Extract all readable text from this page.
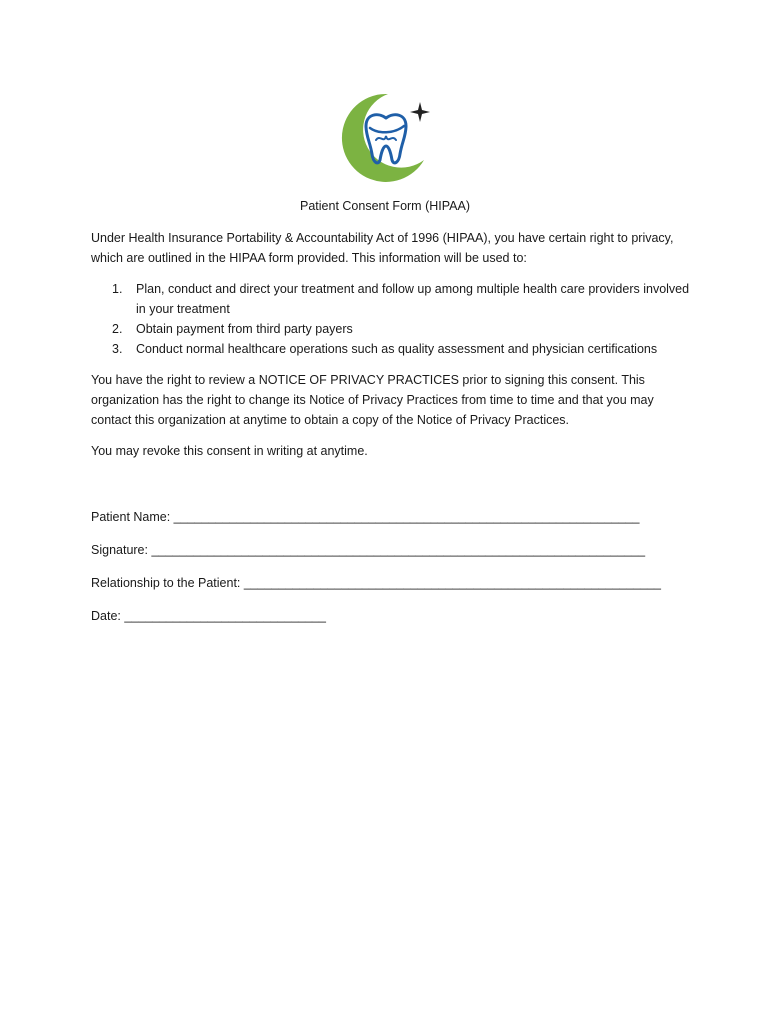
Patient Consent Form (HIPAA)

Under Health Insurance Portability & Accountability Act of 1996 (HIPAA), you have certain right to privacy, which are outlined in the HIPAA form provided. This information will be used to:

1. Plan, conduct and direct your treatment and follow up among multiple health care providers involved in your treatment
2. Obtain payment from third party payers
3. Conduct normal healthcare operations such as quality assessment and physician certifications

You have the right to review a NOTICE OF PRIVACY PRACTICES prior to signing this consent. This organization has the right to change its Notice of Privacy Practices from time to time and that you may contact this organization at anytime to obtain a copy of the Notice of Privacy Practices.

You may revoke this consent in writing at anytime.

Patient Name: ___________________________________________________________________
Signature: _______________________________________________________________________
Relationship to the Patient: ____________________________________________________________
Date: _____________________________
